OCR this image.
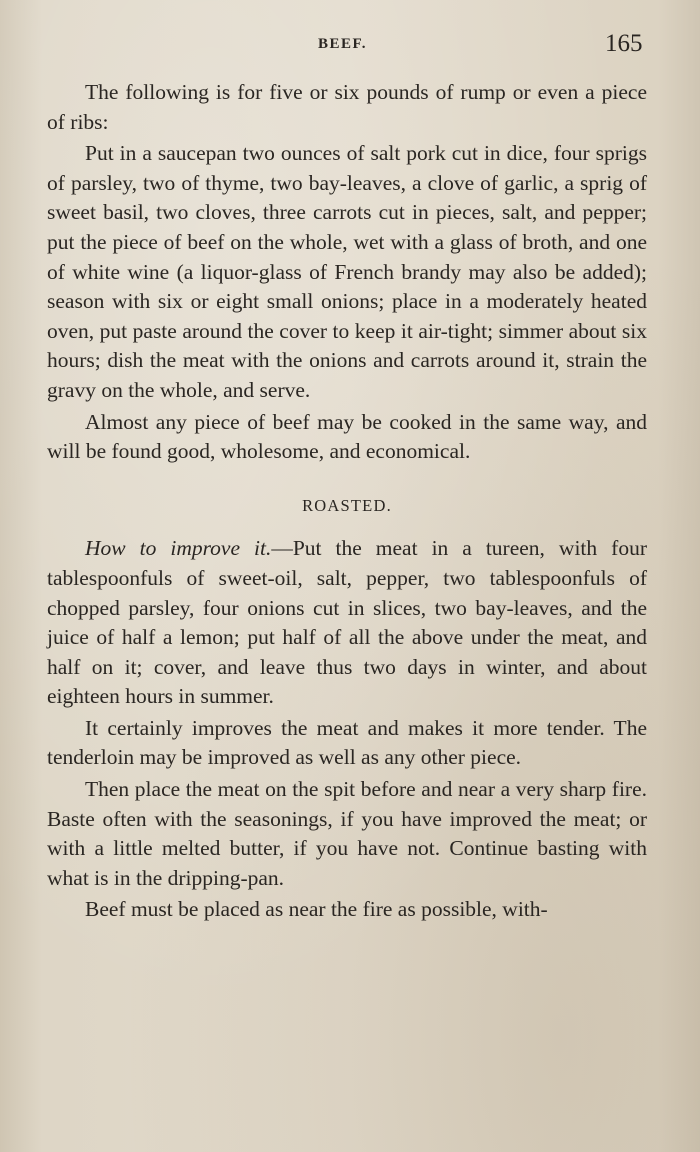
BEEF.	165

The following is for five or six pounds of rump or even a piece of ribs:

Put in a saucepan two ounces of salt pork cut in dice, four sprigs of parsley, two of thyme, two bay-leaves, a clove of garlic, a sprig of sweet basil, two cloves, three carrots cut in pieces, salt, and pepper; put the piece of beef on the whole, wet with a glass of broth, and one of white wine (a liquor-glass of French brandy may also be added); season with six or eight small onions; place in a moderately heated oven, put paste around the cover to keep it air-tight; simmer about six hours; dish the meat with the onions and carrots around it, strain the gravy on the whole, and serve.

Almost any piece of beef may be cooked in the same way, and will be found good, wholesome, and economical.

ROASTED.

How to improve it.—Put the meat in a tureen, with four tablespoonfuls of sweet-oil, salt, pepper, two tablespoonfuls of chopped parsley, four onions cut in slices, two bay-leaves, and the juice of half a lemon; put half of all the above under the meat, and half on it; cover, and leave thus two days in winter, and about eighteen hours in summer.

It certainly improves the meat and makes it more tender. The tenderloin may be improved as well as any other piece.

Then place the meat on the spit before and near a very sharp fire. Baste often with the seasonings, if you have improved the meat; or with a little melted butter, if you have not. Continue basting with what is in the dripping-pan.

Beef must be placed as near the fire as possible, with-
